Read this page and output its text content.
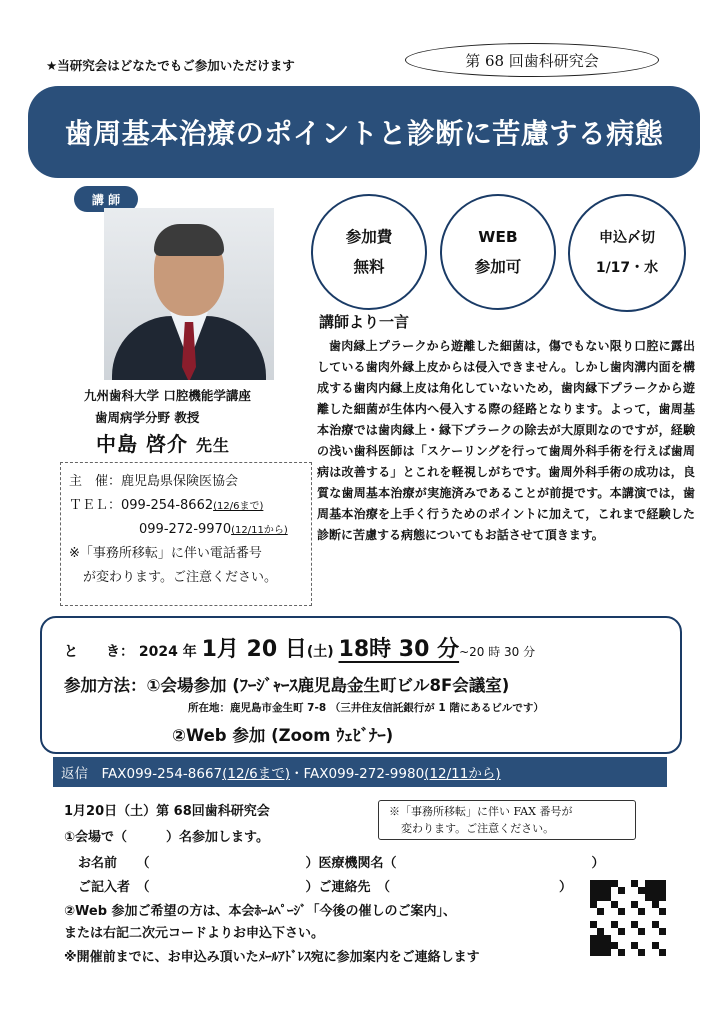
★当研究会はどなたでもご参加いただけます	第 68 回歯科研究会
歯周基本治療のポイントと診断に苦慮する病態
講 師
九州歯科大学 口腔機能学講座
歯周病学分野 教授
中島 啓介 先生
主　催：鹿児島県保険医協会
ＴＥＬ：099-254-8662(12/6まで)
099-272-9970(12/11から)
※「事務所移転」に伴い電話番号
が変わります。ご注意ください。
参加費
無料
WEB
参加可
申込〆切
1/17・水
講師より一言

歯肉縁上プラークから遊離した細菌は，傷でもない限り口腔に露出している歯肉外縁上皮からは侵入できません。しかし歯肉溝内面を構成する歯肉内縁上皮は角化していないため，歯肉縁下プラークから遊離した細菌が生体内へ侵入する際の経路となります。よって，歯周基本治療では歯肉縁上・縁下プラークの除去が大原則なのですが，経験の浅い歯科医師は「スケーリングを行って歯周外科手術を行えば歯周病は改善する」とこれを軽視しがちです。歯周外科手術の成功は，良質な歯周基本治療が実施済みであることが前提です。本講演では，歯周基本治療を上手く行うためのポイントに加えて，これまで経験した診断に苦慮する病態についてもお話させて頂きます。

と　　き： 2024 年 1月 20 日(土) 18時 30 分~20 時 30 分
参加方法：①会場参加 (ﾌｰｼﾞｬｰｽ鹿児島金生町ビル8F会議室)
所在地：鹿児島市金生町 7-8 （三井住友信託銀行が 1 階にあるビルです）
②Web 参加 (Zoom ｳｪﾋﾞﾅｰ)
返信　FAX099-254-8667 (12/6まで) ・FAX099-272-9980 (12/11から)
1月20日（土）第 68回歯科研究会
①会場で（　　　）名参加します。
お名前　　（　　　　　　　　　　　　）医療機関名（　　　　　　　　　　　　　　　）
ご記入者　（　　　　　　　　　　　　）ご連絡先　（　　　　　　　　　　　　　）
②Web 参加ご希望の方は、本会ﾎｰﾑﾍﾟｰｼﾞ「今後の催しのご案内」、
または右記二次元コードよりお申込下さい。
※開催前までに、お申込み頂いたﾒｰﾙｱﾄﾞﾚｽ宛に参加案内をご連絡します
※「事務所移転」に伴い FAX 番号が
変わります。ご注意ください。
